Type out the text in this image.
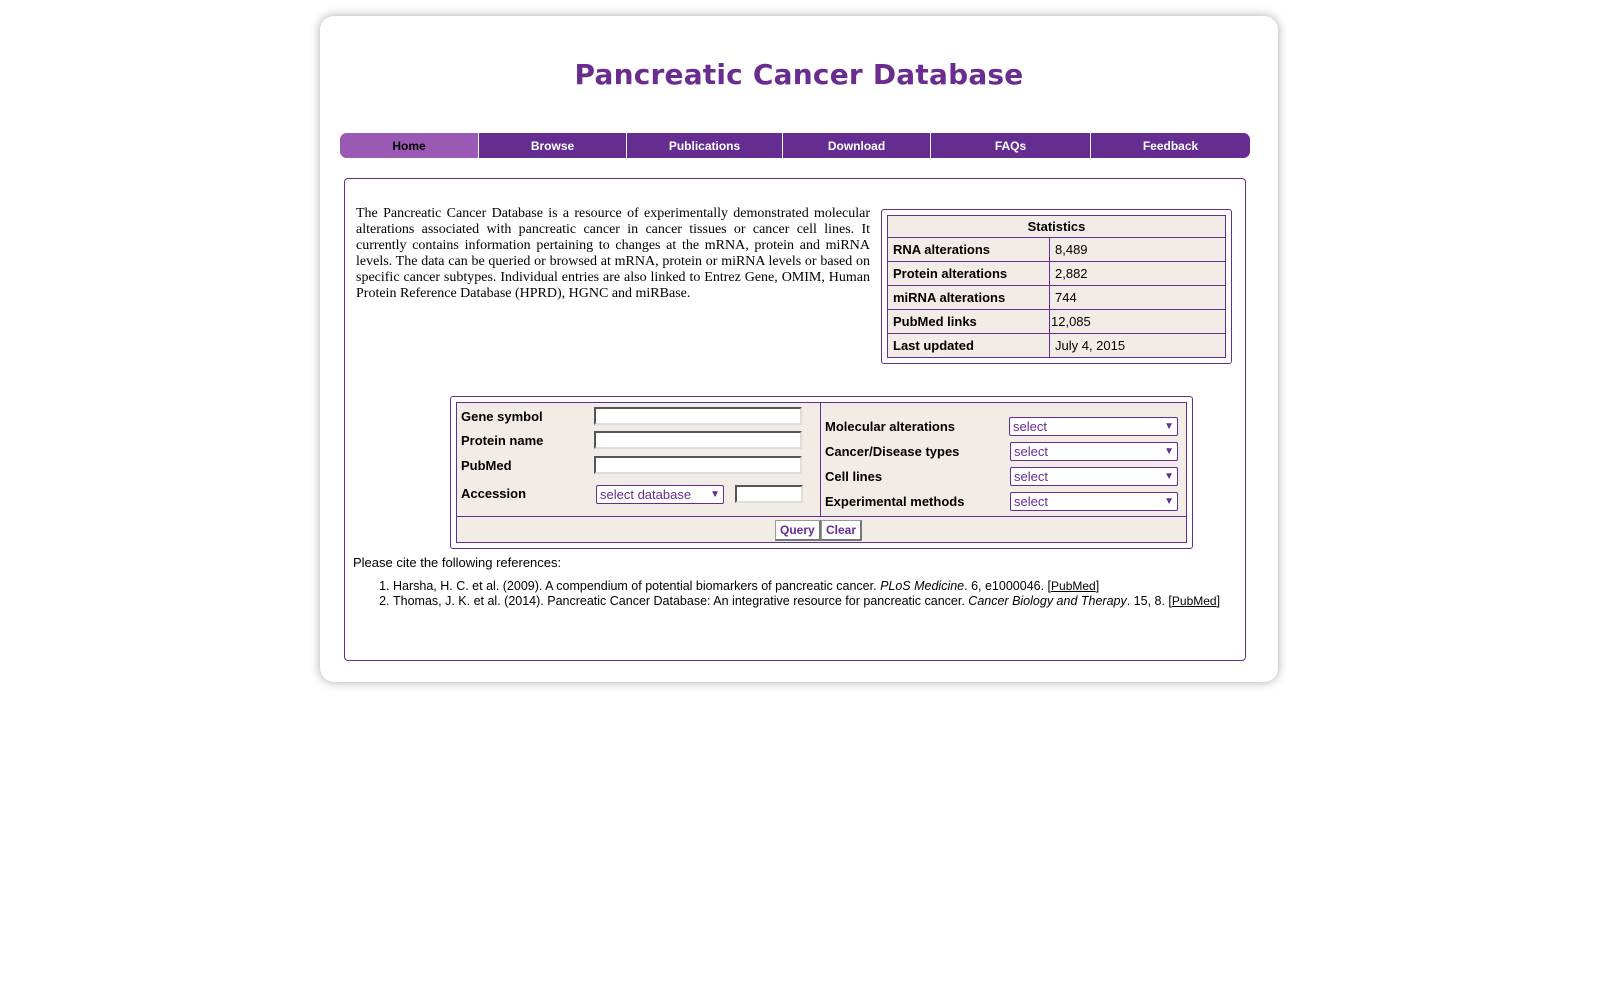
Pancreatic Cancer Database
Home	Browse	Publications	Download	FAQs	Feedback
The Pancreatic Cancer Database is a resource of experimentally demonstrated molecular alterations associated with pancreatic cancer in cancer tissues or cancer cell lines. It currently contains information pertaining to changes at the mRNA, protein and miRNA levels. The data can be queried or browsed at mRNA, protein or miRNA levels or based on specific cancer subtypes. Individual entries are also linked to Entrez Gene, OMIM, Human Protein Reference Database (HPRD), HGNC and miRBase.
Statistics	
RNA alterations	8,489
Protein alterations	2,882
miRNA alterations	744
PubMed links	12,085
Last updated	July 4, 2015
Gene symbol
Protein name
PubMed
Accession	select database ▼
Molecular alterations	select	▼
Cancer/Disease types	select	▼
Cell lines	select	▼
Experimental methods	select	▼
Query Clear
Please cite the following references:
1. Harsha, H. C. et al. (2009). A compendium of potential biomarkers of pancreatic cancer. PLoS Medicine. 6, e1000046. [PubMed]
2. Thomas, J. K. et al. (2014). Pancreatic Cancer Database: An integrative resource for pancreatic cancer. Cancer Biology and Therapy. 15, 8. [PubMed]
